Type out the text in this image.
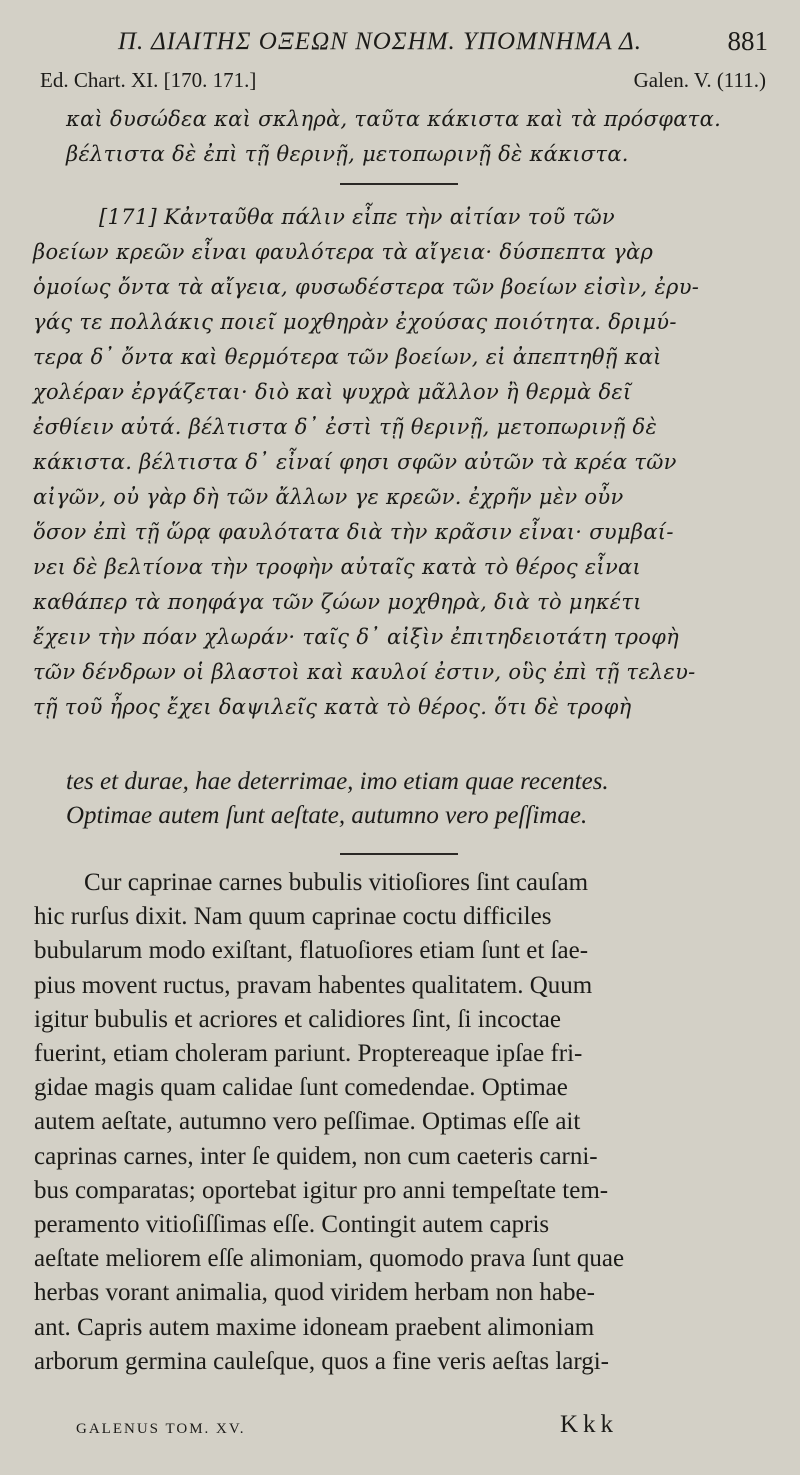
Π. ΔΙΑΙΤΗΣ ΟΞΕΩΝ ΝΟΣΗΜ. ΥΠΟΜΝΗΜΑ Δ.	881
Ed. Chart. XI. [170. 171.]	Galen. V. (111.)
καὶ δυσώδεα καὶ σκληρὰ, ταῦτα κάκιστα καὶ τὰ πρόσφατα.
βέλτιστα δὲ ἐπὶ τῇ θερινῇ, μετοπωρινῇ δὲ κάκιστα.
[171] Κἀνταῦθα πάλιν εἶπε τὴν αἰτίαν τοῦ τῶν
βοείων κρεῶν εἶναι φαυλότερα τὰ αἴγεια· δύσπεπτα γὰρ
ὁμοίως ὄντα τὰ αἴγεια, φυσωδέστερα τῶν βοείων εἰσὶν, ἐρυ-
γάς τε πολλάκις ποιεῖ μοχθηρὰν ἐχούσας ποιότητα. δριμύ-
τερα δ᾽ ὄντα καὶ θερμότερα τῶν βοείων, εἰ ἀπεπτηθῇ καὶ
χολέραν ἐργάζεται· διὸ καὶ ψυχρὰ μᾶλλον ἢ θερμὰ δεῖ
ἐσθίειν αὐτά. βέλτιστα δ᾽ ἐστὶ τῇ θερινῇ, μετοπωρινῇ δὲ
κάκιστα. βέλτιστα δ᾽ εἶναί φησι σφῶν αὐτῶν τὰ κρέα τῶν
αἰγῶν, οὐ γὰρ δὴ τῶν ἄλλων γε κρεῶν. ἐχρῆν μὲν οὖν
ὅσον ἐπὶ τῇ ὥρᾳ φαυλότατα διὰ τὴν κρᾶσιν εἶναι· συμβαί-
νει δὲ βελτίονα τὴν τροφὴν αὐταῖς κατὰ τὸ θέρος εἶναι
καθάπερ τὰ ποηφάγα τῶν ζώων μοχθηρὰ, διὰ τὸ μηκέτι
ἔχειν τὴν πόαν χλωράν· ταῖς δ᾽ αἰξὶν ἐπιτηδειοτάτη τροφὴ
τῶν δένδρων οἱ βλαστοὶ καὶ καυλοί ἐστιν, οὓς ἐπὶ τῇ τελευ-
τῇ τοῦ ἦρος ἔχει δαψιλεῖς κατὰ τὸ θέρος. ὅτι δὲ τροφὴ
tes et durae, hae deterrimae, imo etiam quae recentes.
Optimae autem ſunt aeſtate, autumno vero peſſimae.
Cur caprinae carnes bubulis vitioſiores ſint cauſam
hic rurſus dixit. Nam quum caprinae coctu difficiles
bubularum modo exiſtant, flatuoſiores etiam ſunt et ſae-
pius movent ructus, pravam habentes qualitatem. Quum
igitur bubulis et acriores et calidiores ſint, ſi incoctae
fuerint, etiam choleram pariunt. Proptereaque ipſae fri-
gidae magis quam calidae ſunt comedendae. Optimae
autem aeſtate, autumno vero peſſimae. Optimas eſſe ait
caprinas carnes, inter ſe quidem, non cum caeteris carni-
bus comparatas; oportebat igitur pro anni tempeſtate tem-
peramento vitioſiſſimas eſſe. Contingit autem capris
aeſtate meliorem eſſe alimoniam, quomodo prava ſunt quae
herbas vorant animalia, quod viridem herbam non habe-
ant. Capris autem maxime idoneam praebent alimoniam
arborum germina cauleſque, quos a fine veris aeſtas largi-
GALENUS TOM. XV.	Kkk
